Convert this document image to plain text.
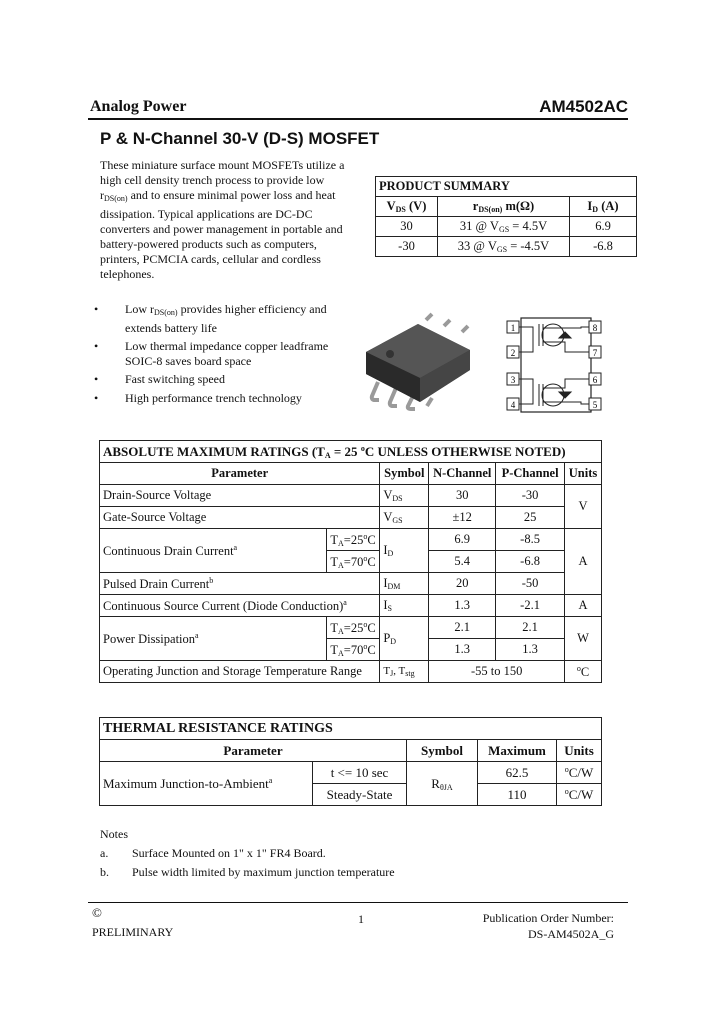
Analog Power	AM4502AC
P & N-Channel 30-V (D-S) MOSFET
These miniature surface mount MOSFETs utilize a high cell density trench process to provide low $r_{DS(on)}$ and to ensure minimal power loss and heat dissipation. Typical applications are DC-DC converters and power management in portable and battery-powered products such as computers, printers, PCMCIA cards, cellular and cordless telephones.
PRODUCT SUMMARY		
$V_{DS}$ (V)	$r_{DS(on)}$ m(Ω)	$I_D$ (A)
30	31 @ $V_{GS} = 4.5V$	6.9
-30	33 @ $V_{GS} = -4.5V$	-6.8
• Low $r_{DS(on)}$ provides higher efficiency and extends battery life
• Low thermal impedance copper leadframe SOIC-8 saves board space
• Fast switching speed
• High performance trench technology
1
2
3
4	5
6
7
8
ABSOLUTE MAXIMUM RATINGS ($T_A = 25$ $^o$C UNLESS OTHERWISE NOTED)					
Parameter		Symbol	N-Channel	P-Channel	Units
Drain-Source Voltage		$V_{DS}$	30	-30	V
Gate-Source Voltage		$V_{GS}$	±12	25	
Continuous Drain Current$^a$	$T_A=25^oC$	$I_D$	6.9	-8.5	A
	$T_A=70^oC$		5.4	-6.8	
Pulsed Drain Current$^b$		$I_{DM}$	20	-50	
Continuous Source Current (Diode Conduction)$^a$		$I_S$	1.3	-2.1	A
Power Dissipation$^a$	$T_A=25^oC$	$P_D$	2.1	2.1	W
	$T_A=70^oC$		1.3	1.3	
Operating Junction and Storage Temperature Range		$T_J$, $T_{stg}$	-55 to 150		$^o$C
THERMAL RESISTANCE RATINGS				
Parameter		Symbol	Maximum	Units
Maximum Junction-to-Ambient$^a$	t <= 10 sec	$R_{\theta JA}$	62.5	$^o$C/W
	Steady-State		110	$^o$C/W
Notes
a. Surface Mounted on 1" x 1" FR4 Board.
b. Pulse width limited by maximum junction temperature
©
PRELIMINARY
1	Publication Order Number:
DS-AM4502A_G
